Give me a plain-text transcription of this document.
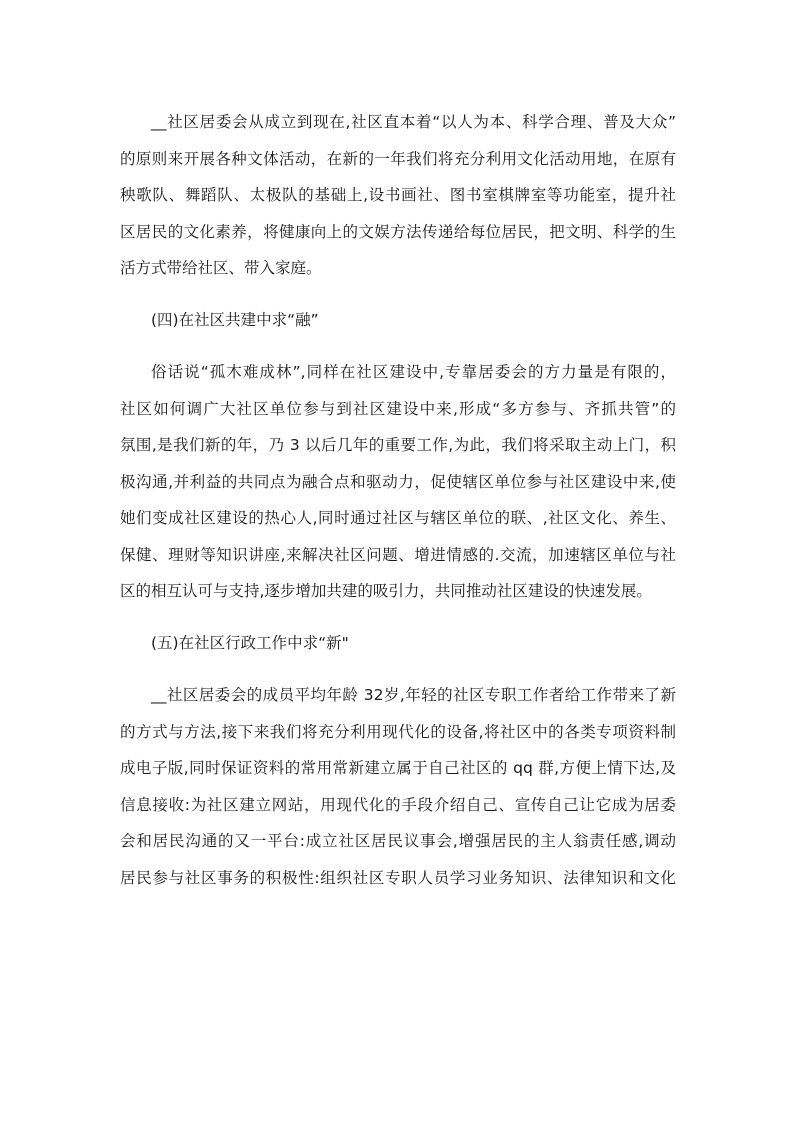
__社区居委会从成立到现在,社区直本着“以人为本、科学合理、普及大众”
的原则来开展各种文体活动，在新的一年我们将充分利用文化活动用地，在原有
秧歌队、舞蹈队、太极队的基础上,设书画社、图书室棋牌室等功能室，提升社
区居民的文化素养，将健康向上的文娱方法传递给每位居民，把文明、科学的生
活方式带给社区、带入家庭。
(四)在社区共建中求“融”
俗话说“孤木难成林”,同样在社区建设中,专靠居委会的方力量是有限的，
社区如何调广大社区单位参与到社区建设中来,形成“多方参与、齐抓共管”的
氛围,是我们新的年，乃 3 以后几年的重要工作,为此，我们将采取主动上门，积
极沟通,并利益的共同点为融合点和驱动力，促使辖区单位参与社区建设中来,使
她们变成社区建设的热心人,同时通过社区与辖区单位的联、,社区文化、养生、
保健、理财等知识讲座,来解决社区问题、增进情感的.交流，加速辖区单位与社
区的相互认可与支持,逐步增加共建的吸引力，共同推动社区建设的快速发展。
(五)在社区行政工作中求“新"
__社区居委会的成员平均年龄 32岁,年轻的社区专职工作者给工作带来了新
的方式与方法,接下来我们将充分利用现代化的设备,将社区中的各类专项资料制
成电子版,同时保证资料的常用常新建立属于自己社区的 qq 群,方便上情下达,及
信息接收:为社区建立网站，用现代化的手段介绍自己、宣传自己让它成为居委
会和居民沟通的又一平台:成立社区居民议事会,增强居民的主人翁责任感,调动
居民参与社区事务的积极性:组织社区专职人员学习业务知识、法律知识和文化
